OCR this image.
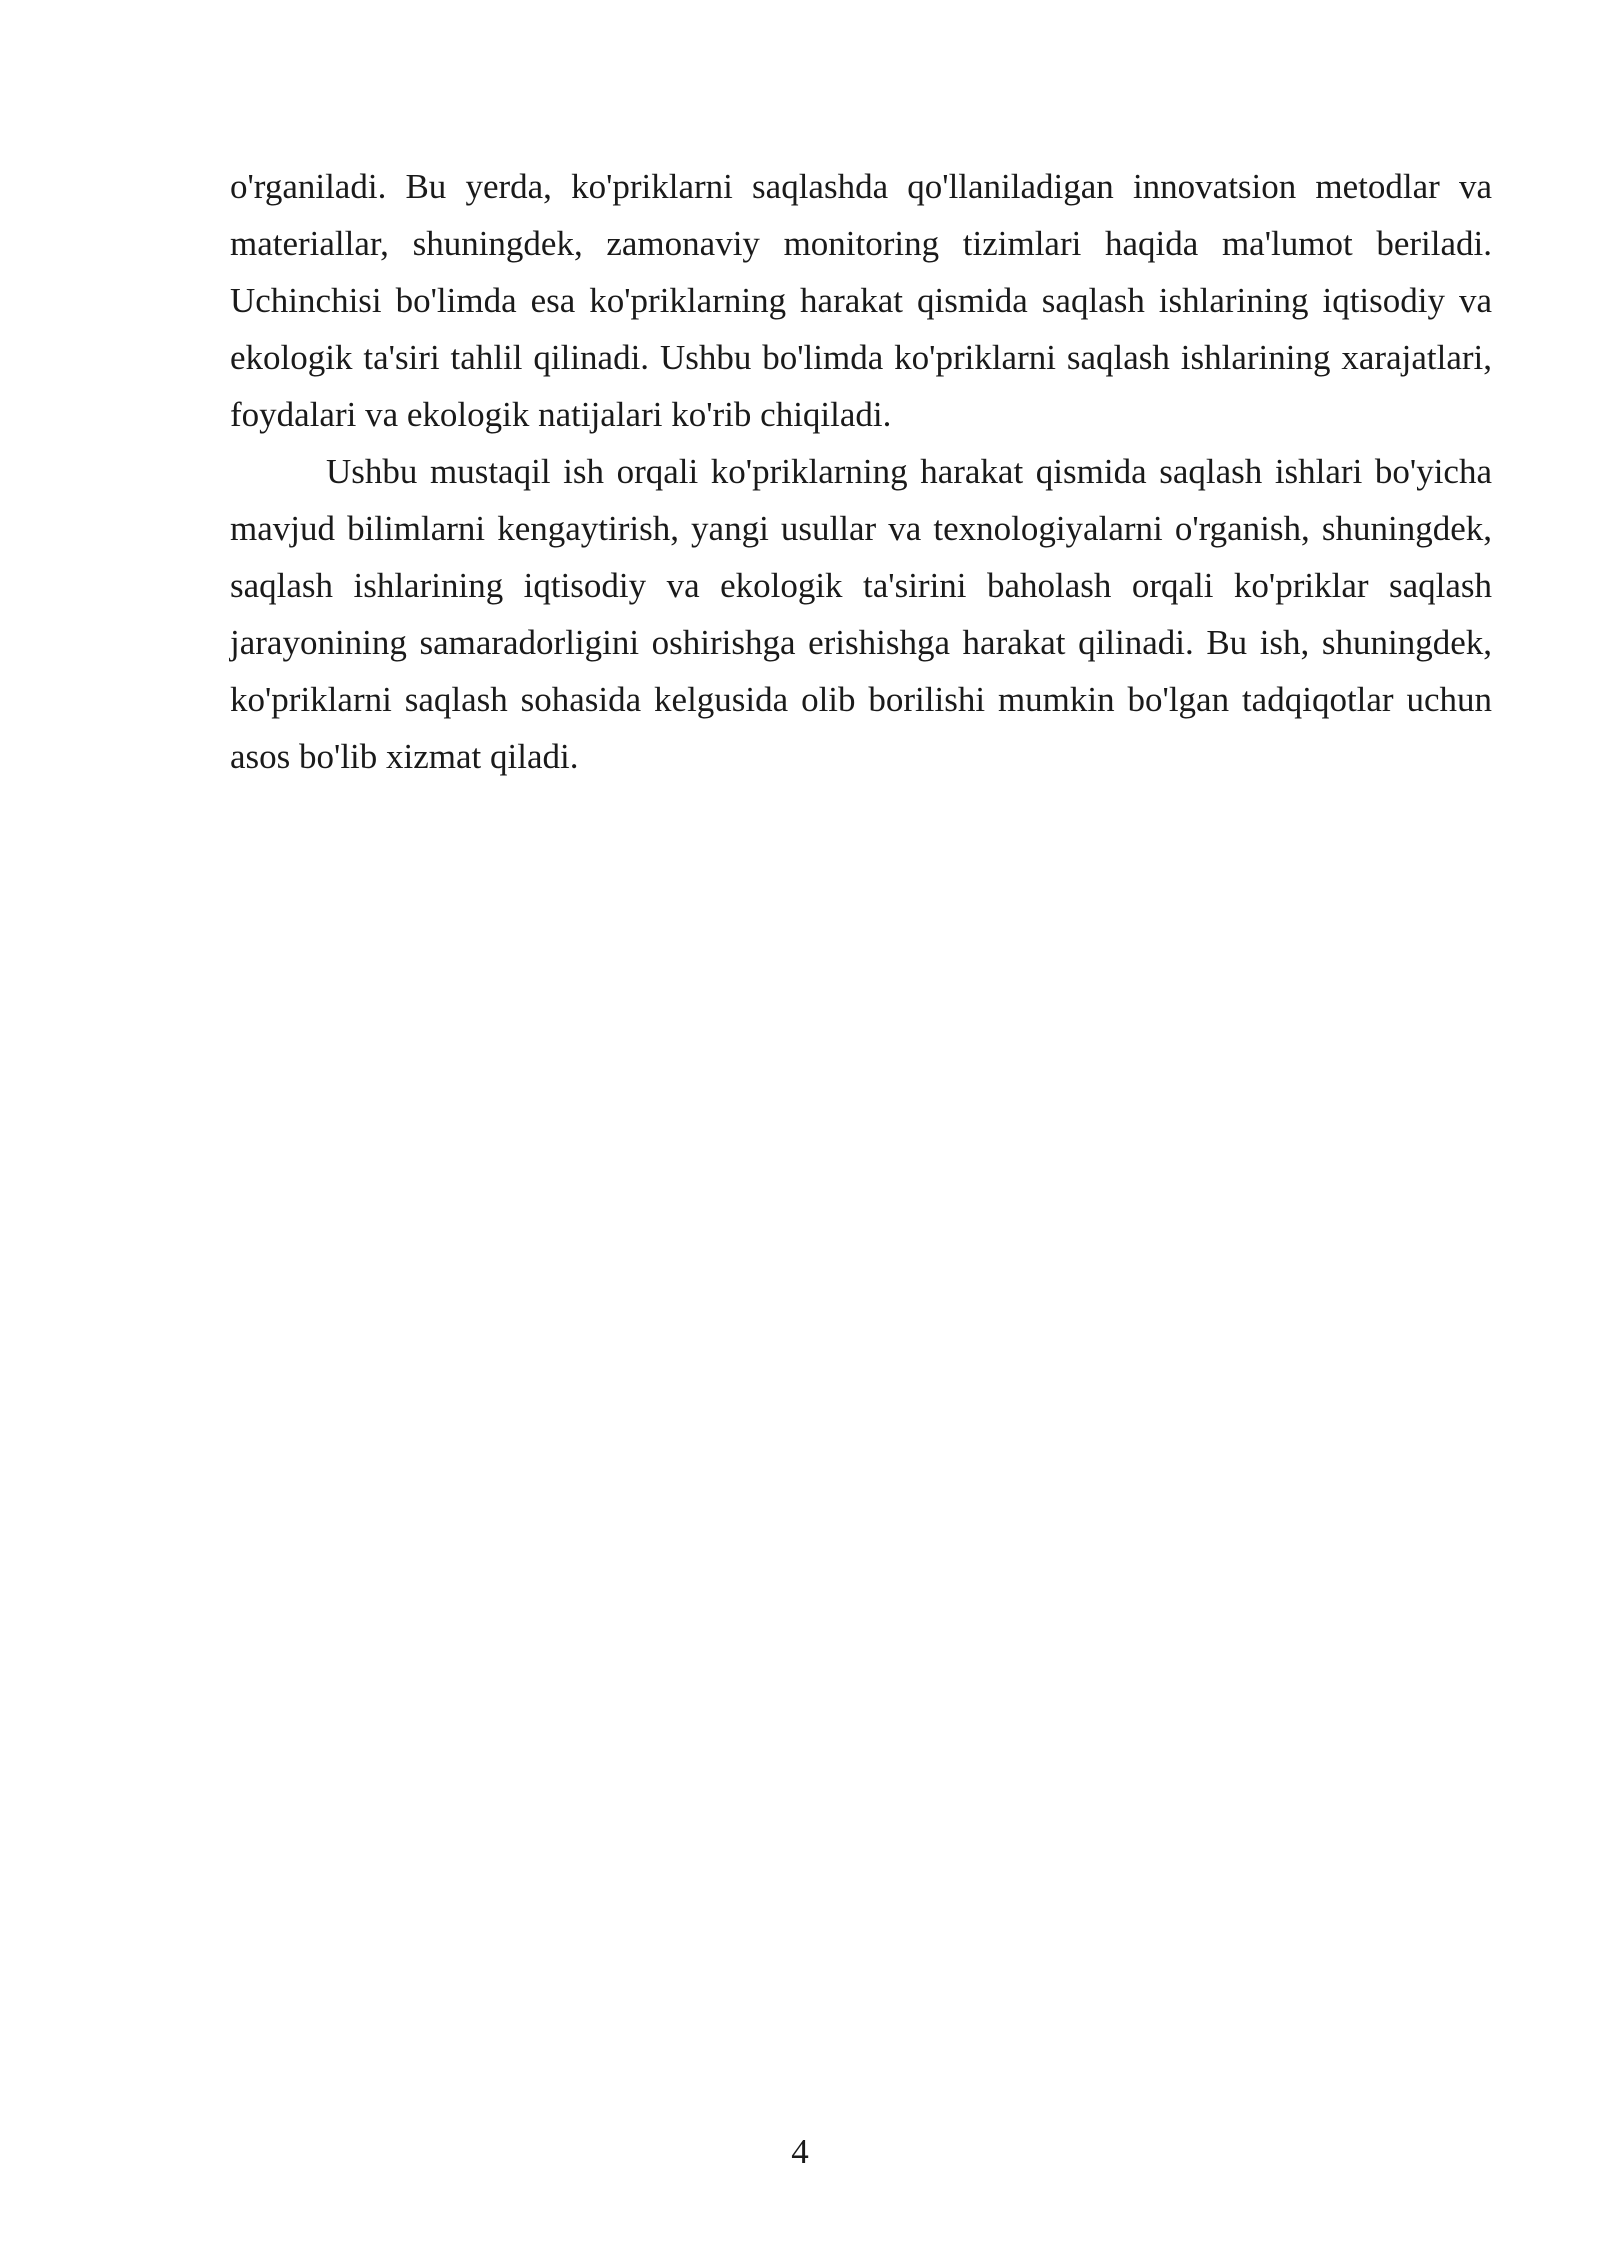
o'rganiladi. Bu yerda, ko'priklarni saqlashda qo'llaniladigan innovatsion metodlar va materiallar, shuningdek, zamonaviy monitoring tizimlari haqida ma'lumot beriladi. Uchinchisi bo'limda esa ko'priklarning harakat qismida saqlash ishlarining iqtisodiy va ekologik ta'siri tahlil qilinadi. Ushbu bo'limda ko'priklarni saqlash ishlarining xarajatlari, foydalari va ekologik natijalari ko'rib chiqiladi.

Ushbu mustaqil ish orqali ko'priklarning harakat qismida saqlash ishlari bo'yicha mavjud bilimlarni kengaytirish, yangi usullar va texnologiyalarni o'rganish, shuningdek, saqlash ishlarining iqtisodiy va ekologik ta'sirini baholash orqali ko'priklar saqlash jarayonining samaradorligini oshirishga erishishga harakat qilinadi. Bu ish, shuningdek, ko'priklarni saqlash sohasida kelgusida olib borilishi mumkin bo'lgan tadqiqotlar uchun asos bo'lib xizmat qiladi.

4
